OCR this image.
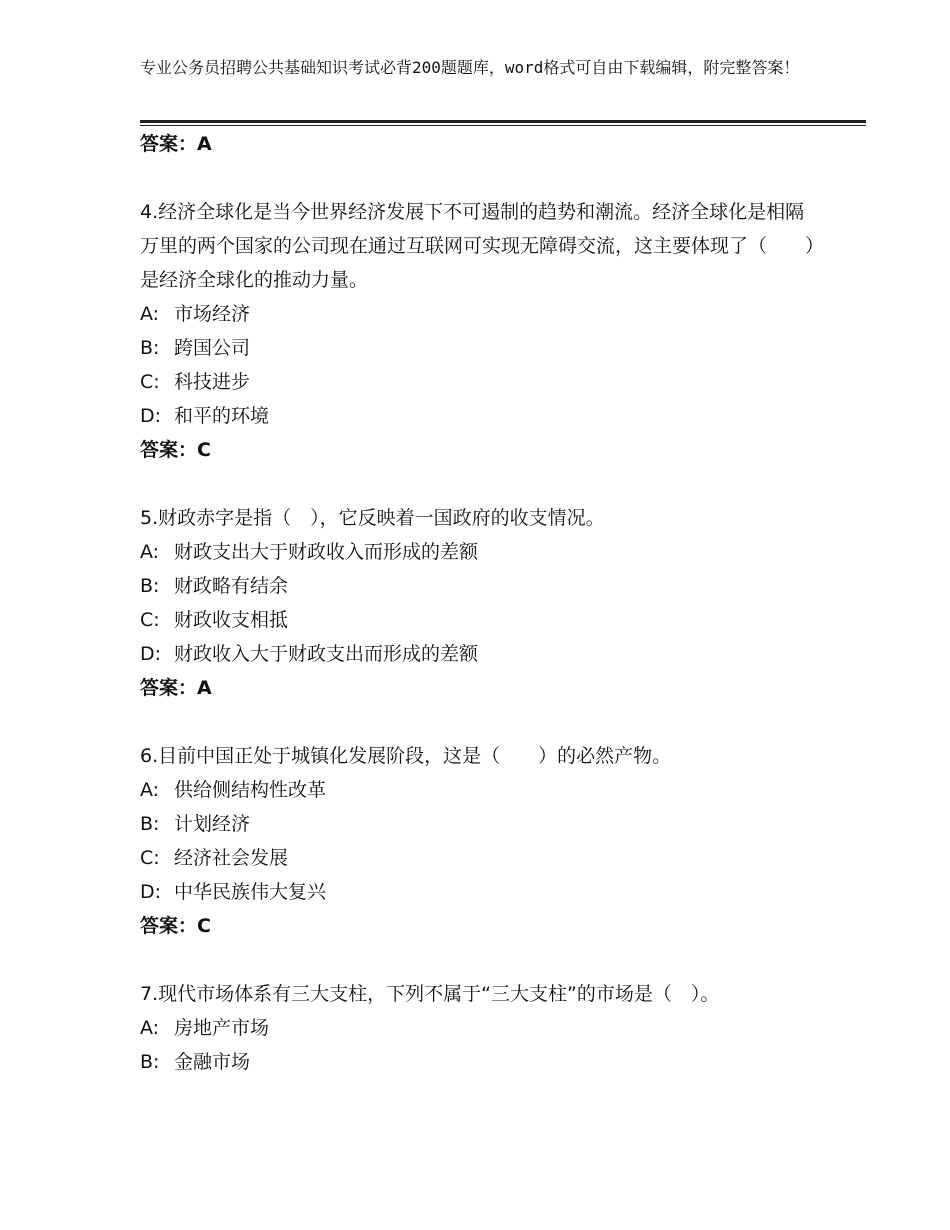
专业公务员招聘公共基础知识考试必背200题题库，word格式可自由下载编辑，附完整答案！
答案：A
4.经济全球化是当今世界经济发展下不可遏制的趋势和潮流。经济全球化是相隔万里的两个国家的公司现在通过互联网可实现无障碍交流，这主要体现了（　　）是经济全球化的推动力量。
A: 市场经济
B: 跨国公司
C: 科技进步
D: 和平的环境
答案：C
5.财政赤字是指（　），它反映着一国政府的收支情况。
A: 财政支出大于财政收入而形成的差额
B: 财政略有结余
C: 财政收支相抵
D: 财政收入大于财政支出而形成的差额
答案：A
6.目前中国正处于城镇化发展阶段，这是（　　）的必然产物。
A: 供给侧结构性改革
B: 计划经济
C: 经济社会发展
D: 中华民族伟大复兴
答案：C
7.现代市场体系有三大支柱，下列不属于“三大支柱”的市场是（　）。
A: 房地产市场
B: 金融市场
